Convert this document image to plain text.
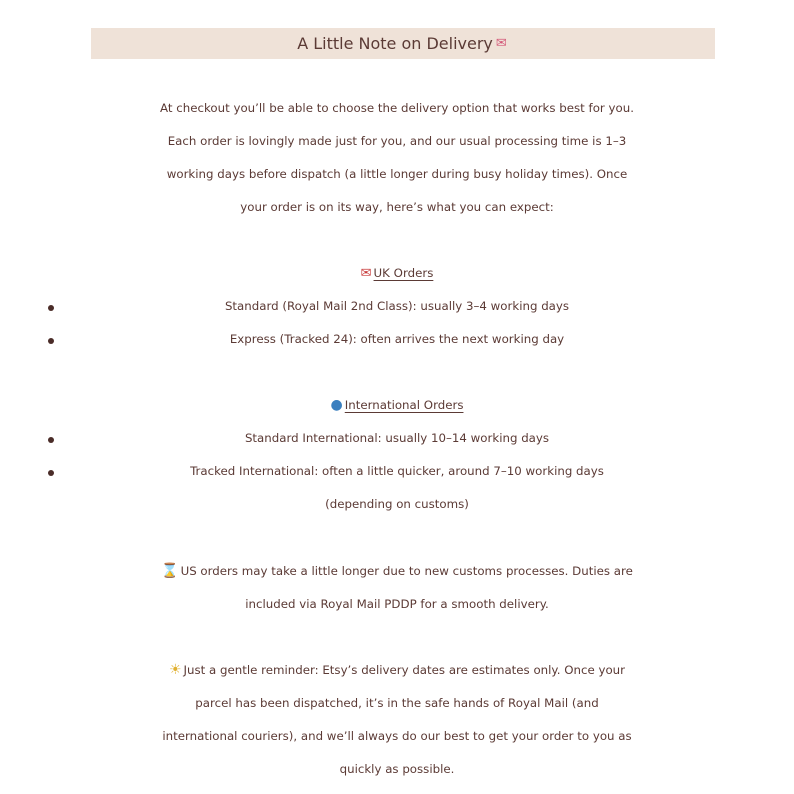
A Little Note on Delivery ✉
At checkout you’ll be able to choose the delivery option that works best for you.
Each order is lovingly made just for you, and our usual processing time is 1–3
working days before dispatch (a little longer during busy holiday times). Once
your order is on its way, here’s what you can expect:
✉ UK Orders
Standard (Royal Mail 2nd Class): usually 3–4 working days
Express (Tracked 24): often arrives the next working day
● International Orders
Standard International: usually 10–14 working days
Tracked International: often a little quicker, around 7–10 working days
(depending on customs)
⌛ US orders may take a little longer due to new customs processes. Duties are
included via Royal Mail PDDP for a smooth delivery.
☀ Just a gentle reminder: Etsy’s delivery dates are estimates only. Once your
parcel has been dispatched, it’s in the safe hands of Royal Mail (and
international couriers), and we’ll always do our best to get your order to you as
quickly as possible.
